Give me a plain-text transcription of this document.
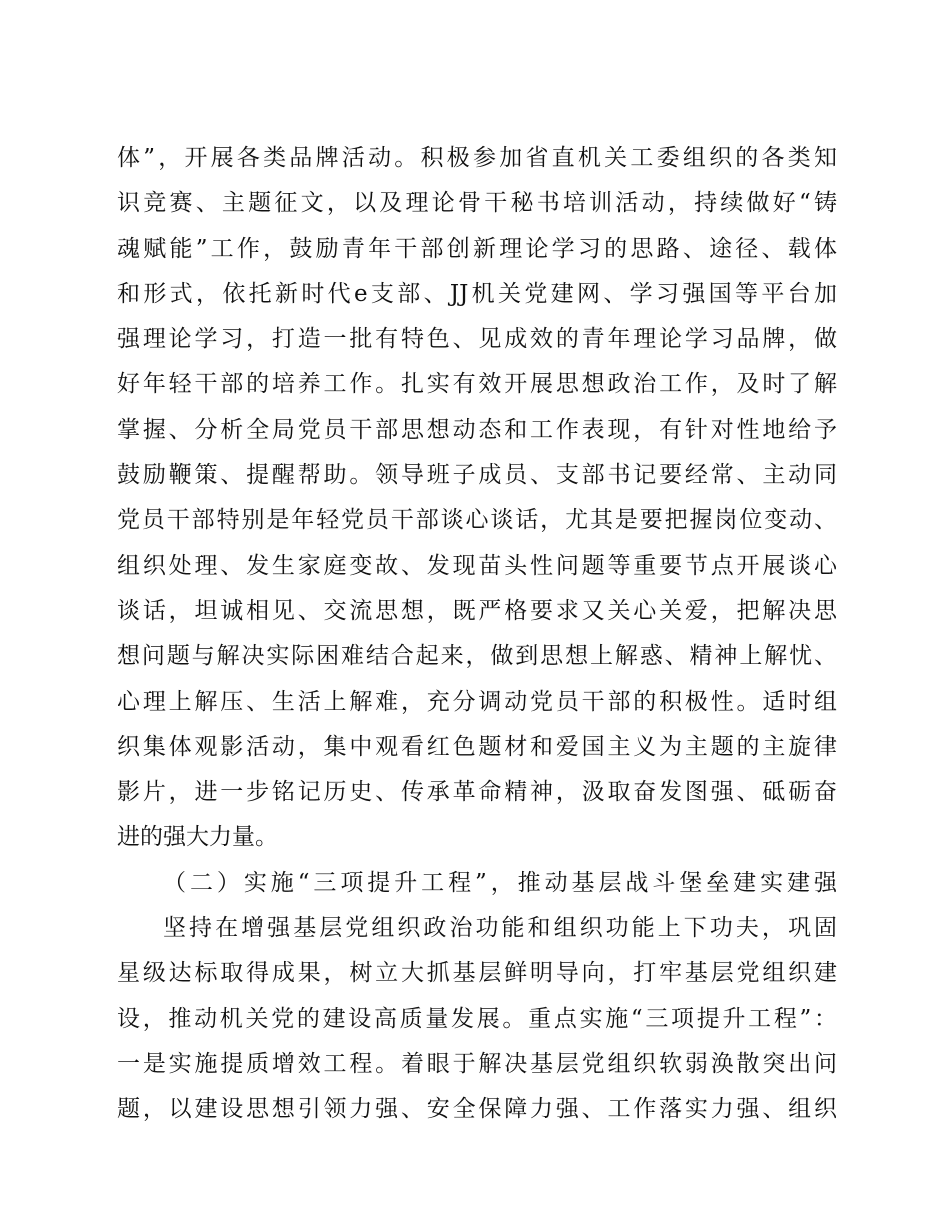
体”，开展各类品牌活动。积极参加省直机关工委组织的各类知
识竞赛、主题征文，以及理论骨干秘书培训活动，持续做好“铸
魂赋能”工作，鼓励青年干部创新理论学习的思路、途径、载体
和形式，依托新时代e支部、JJ机关党建网、学习强国等平台加
强理论学习，打造一批有特色、见成效的青年理论学习品牌，做
好年轻干部的培养工作。扎实有效开展思想政治工作，及时了解
掌握、分析全局党员干部思想动态和工作表现，有针对性地给予
鼓励鞭策、提醒帮助。领导班子成员、支部书记要经常、主动同
党员干部特别是年轻党员干部谈心谈话，尤其是要把握岗位变动、
组织处理、发生家庭变故、发现苗头性问题等重要节点开展谈心
谈话，坦诚相见、交流思想，既严格要求又关心关爱，把解决思
想问题与解决实际困难结合起来，做到思想上解惑、精神上解忧、
心理上解压、生活上解难，充分调动党员干部的积极性。适时组
织集体观影活动，集中观看红色题材和爱国主义为主题的主旋律
影片，进一步铭记历史、传承革命精神，汲取奋发图强、砥砺奋
进的强大力量。
（二）实施“三项提升工程”，推动基层战斗堡垒建实建强
坚持在增强基层党组织政治功能和组织功能上下功夫，巩固
星级达标取得成果，树立大抓基层鲜明导向，打牢基层党组织建
设，推动机关党的建设高质量发展。重点实施“三项提升工程”：
一是实施提质增效工程。着眼于解决基层党组织软弱涣散突出问
题，以建设思想引领力强、安全保障力强、工作落实力强、组织
